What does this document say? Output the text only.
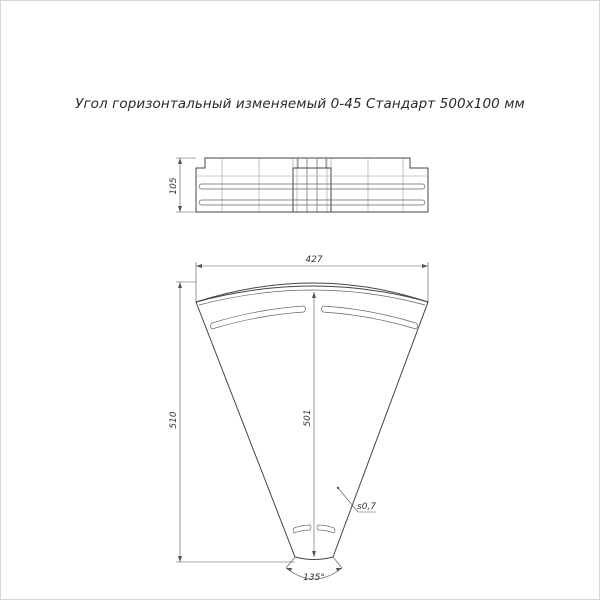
Угол горизонтальный изменяемый 0-45 Стандарт 500х100 мм
105
427
501
510
s0,7
135°
